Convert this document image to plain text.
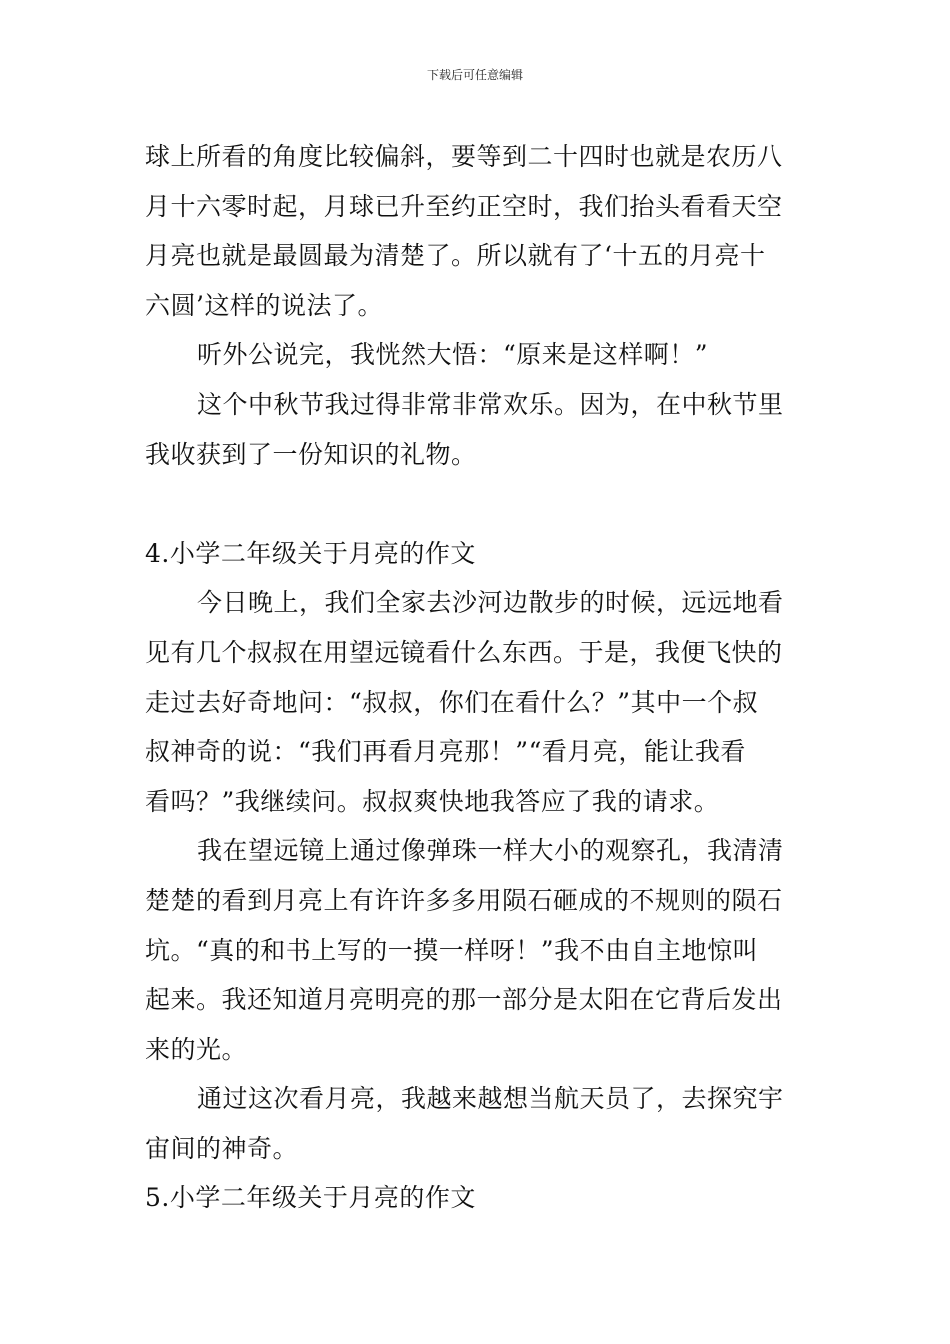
下载后可任意编辑
球上所看的角度比较偏斜，要等到二十四时也就是农历八
月十六零时起，月球已升至约正空时，我们抬头看看天空
月亮也就是最圆最为清楚了。所以就有了‘十五的月亮十
六圆’这样的说法了。
听外公说完，我恍然大悟：“原来是这样啊！”
这个中秋节我过得非常非常欢乐。因为，在中秋节里
我收获到了一份知识的礼物。
4.小学二年级关于月亮的作文
今日晚上，我们全家去沙河边散步的时候，远远地看
见有几个叔叔在用望远镜看什么东西。于是，我便飞快的
走过去好奇地问：“叔叔，你们在看什么？”其中一个叔
叔神奇的说：“我们再看月亮那！”“看月亮，能让我看
看吗？”我继续问。叔叔爽快地我答应了我的请求。
我在望远镜上通过像弹珠一样大小的观察孔，我清清
楚楚的看到月亮上有许许多多用陨石砸成的不规则的陨石
坑。“真的和书上写的一摸一样呀！”我不由自主地惊叫
起来。我还知道月亮明亮的那一部分是太阳在它背后发出
来的光。
通过这次看月亮，我越来越想当航天员了，去探究宇
宙间的神奇。
5.小学二年级关于月亮的作文
